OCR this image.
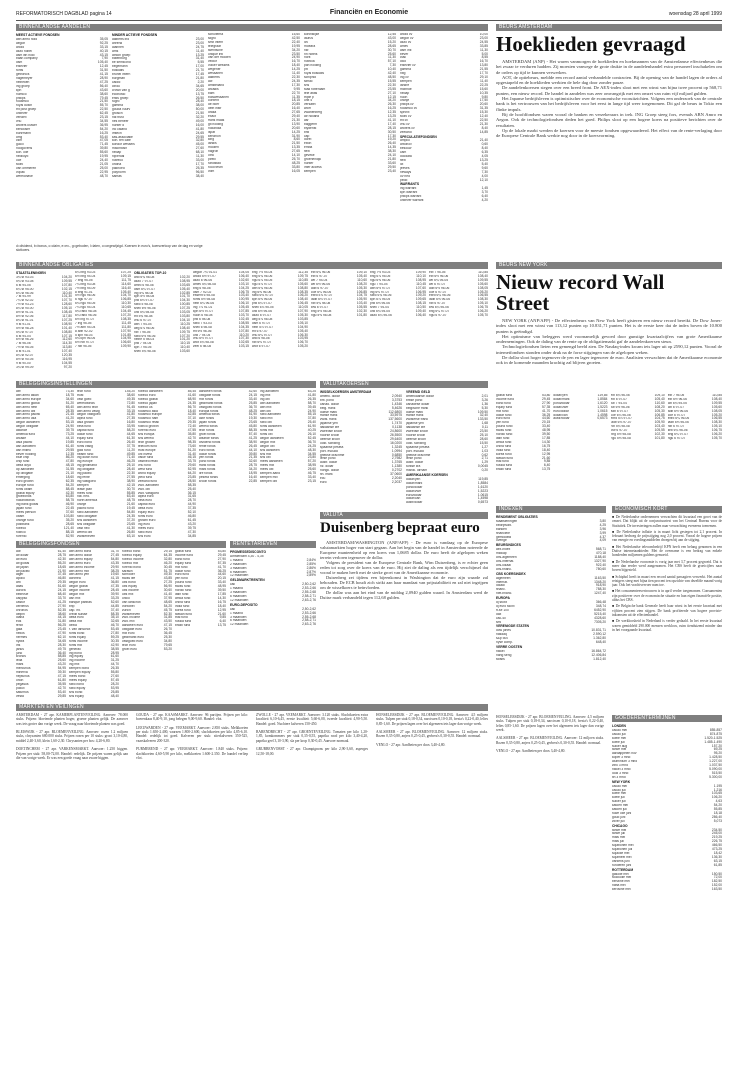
REFORMATORISCH DAGBLAD pagina 14	Financiën en Economie	woensdag 28 april 1999
BINNENLANDSE AANDELEN
MEEST ACTIEVE FONDSEN
abn amro hold	35,05
aegon	92,25
ahold	33,15
akzo nobel	40,15
asm lith hold	43,15
baan company	7,90
dsm	105,40
elsevier	12,45
fortis	31,50
getronics	41,15
hagemeyer	28,90
heineken	47,25
ing groep	56,40
kpn	43,60
numico	38,60
philips	79,45
rodamco	21,50
royal dutch	55,70
tnt post groep	22,50
unilever	62,45
vendex	23,15
vnu	34,55
wolters kluwer	36,95
benckiser	54,20
buhrmann	16,25
cmg	53,40
csm	47,05
gucci	71,45
hoogovens	39,80
kon. olie	55,60
nedlloyd	19,95
oce	24,40
stork	21,05
van ommeren	25,00
vopak	22,95
wereldhave	48,70
MINDER ACTIEVE FONDSEN
aalberts ind	23,00
ahrend	23,00
alanheri	24,75
ams	11,40
athlon groep	13,25
batenburg	31,40
be semicond	5,55
begemann	17,00
boskalis	21,70
brunel intern	17,45
burgman	21,80
caldic	2,20
cindu	34,65
crown van g	20,00
econosto	13,75
eriks groep	26,50
fugro	28,40
gamma	38,00
gouda vuurv	50,00
grolsch	21,50
hal trust	32,20
hes beheer	49,00
hunter d	16,00
ihc caland	41,80
imtech	24,65
kas-associatie	29,55
kon. ten cate	32,80
kondor wessels	45,00
macintosh	27,60
nedap	68,10
nijverdal	11,30
nutreco	33,00
ordina	17,70
pakhoed	25,35
polynorm	96,50
samas	38,40
schuitema	15,60
sligro	42,50
smit intern	22,40
telegraaf	19,95
twentsche	34,20
unique intl	23,50
van der moolen	24,90
vedior	16,70
volker wessels	18,40
wegener	14,25
wessanen	11,40
aalberts	22,30
acf	24,35
amstelland	17,30
arcadis	9,95
bam	22,70
bolswessanen	11,35
content	18,15
de boer	20,85
delft instr	16,40
draka	27,65
exact	29,40
frans maas	21,30
gti holding	13,90
hollandia	20,60
ispat	14,25
kendrion	31,90
king	8,60
landis	21,50
moolen	13,35
nagron	27,65
otra	14,10
pirelli	25,70
randstad	48,25
rood testh	33,80
vdm	16,05
koninklijke	12,55
laurus	43,00
lcv	15,20
moeara	28,65
nkf	30,70
nh hotels	25,60
norit	11,30
nutricia	57,10
pan holding	7,30
ptt	10,40
royal boskalis	42,40
schiphol	48,50
simac	15,55
sns	22,30
stad rotterdam	23,55
tele atlas	27,10
triple p	12,15
unit 4	34,20
versatel	26,30
wolff	16,25
zwanenberg	12,35
air holland	13,25
asr	41,10
baggerm	17,40
blydenst	28,15
brill	30,50
cap	17,30
dorel	19,20
ebon	26,40
emba	14,35
flexi	38,30
geveke	24,10
groenendijk	21,80
hunter	33,60
inter access	29,50
kempen	23,40
ahold cv	10,00
aegon cv	23,00
akzo cv	24,55
amev	33,85
asm intl	11,30
bever	5,00
ctac	8,55
dico	16,70
elsevier cv	13,80
gamma	21,55
hbg	17,70
ing cv	29,10
kempen	11,40
landre	22,25
mcbride	15,60
nedap	10,35
nuon	9,80
oranje	17,50
philips cv	20,60
rodamco cv	31,35
sphinx	15,30
stork cv	12,40
tnt cv	22,50
vnu cv	21,30
wolters cv	8,40
zeeland	14,85
SPECULATIEFONDSEN
ampco	21,40
antonov	0,60
besouw	8,40
cam	6,35
docdata	4,05
flexi	13,25
ict	5,40
jeeves	9,60
neways	7,30
ov ned	4,00
pedd	12,10
WARRANTS
ing warrant	1,45
kpn warrant	3,70
philips warrant	6,40
unilever warrant	4,20
d=dividend, b=bonus, c=claim, e=ex-, g=geboden, l=laten, o=ongewijzigd. Koersen in euro's, koersverloop van de dag en vorige slotkoers.
BINNENLANDSE OBLIGATIES
STAATSLENINGEN
3¾ st 93-03	104,20
5¾ st 93-08	109,55
6 st 94-05	107,80
6¼ st 95-00	102,15
6¼ st 96-06	110,40
7 st 94-99	101,30
7¼ st 92-02	107,70
7½ st 93-23	128,60
8¼ st 90-00	105,10
8½ st 91-01	108,45
8½ st 92-06	117,80
8¾ st 91-01	107,25
9 st 91-01	108,90
5½ st 98-28	101,40
5¾ st 97-07	108,80
6 st 94-04	107,15
6½ st 96-26	112,60
7 st 96-06	114,30
7½ st 95-05	113,80
8 st 91-01	107,40
8¼ st 92-07	120,35
8½ st 90-05	116,95
9 st 90-00	104,55
3¾ st 99-09	97,20
6¼ bng 93-03	107,25
6½ bng 94-04	109,15
7 bng 95-05	111,75
7¼ bng 93-08	114,60
7½ bng 94-09	116,40
8 bng 91-01	105,40
5½ ngu 96-06	104,70
6 ngu 97-07	106,85
6¾ ngu 95-05	110,30
7¼ ngu 94-04	110,65
5¾ rabo 98-08	104,45
6¼ rabo 96-06	107,20
6½ ing 97-07	108,35
7 ing 95-05	111,45
7½ abn 94-04	111,80
8 abn 92-02	107,90
5 kpn 98-03	101,85
5¾ kpn 96-06	104,95
6½ nib 97-07	106,60
7 nib 95-05	109,90
OBLIGATIES TOP-10
ahd 6¾ 98-08	102,20
akzo 7 97-07	108,95
amro 6 98-08	103,65
dsm 6¼ 97-07	105,40
ing 5¾ 98-08	102,85
kpn 5½ 98-08	101,70
phil 6⅛ 97-07	104,30
rabo 5 98-08	100,85
shell 6½ 96-06	107,25
unil 5¾ 98-08	103,05
tnt 5¾ 98-08	103,80
vnu 6 97-07	104,10
abn 7 94-04	110,25
aeg 6⅞ 96-06	108,40
nib 7 95-05	109,75
rabo 6½ 96-06	107,20
heine 5 98-03	101,20
phil 7 94-04	110,15
kpn 7 95-05	110,40
shell 5¾ 98-08	103,60
aegon 7¾ 91-01	104,05
ahold 6½ 97-07	106,40
akzo 6 96-06	102,60
amev 5¾ 98-08	103,10
bng 6 98-08	104,25
dsm 7 92-02	106,75
essent 6 98-08	103,40
fortis 5½ 98-08	100,95
hein 6¼ 96-06	106,10
ing 7⅞ 91-01	105,45
kpn 6½ 97-07	107,85
nuon 6 98-08	103,70
phil 6 98-08	102,45
rabo 7 93-03	108,55
shell 6 98-08	104,35
tnt 6½ 96-06	107,80
unil 7 94-04	110,20
vnu 6½ 97-07	107,30
wolt 5¾ 98-08	102,65
zeel 6 98-08	103,15
bng 7½ 94-04	112,35
bng 6¾ 96-06	109,75
ngu 6⅞ 95-05	110,85
ngu 5⅞ 97-07	105,60
abn 6¾ 96-06	108,80
ing 6⅝ 96-06	108,35
rabo 6⅛ 97-07	106,20
kpn 6⅝ 96-06	108,40
phil 6¼ 97-07	106,45
shell 6⅞ 95-05	110,05
unil 6½ 96-06	107,90
akzo 6 97-07	105,30
aeg 5⅞ 98-08	103,85
dsm 6 97-07	105,10
hein 5⅞ 97-07	104,90
tnt 6 97-07	105,40
vnu 6¼ 97-07	106,30
ahd 6 98-08	103,95
nib 6⅜ 97-07	106,70
wolt 6 97-07	105,20
eib 6¾ 96-06	109,10
eib 6 97-07	105,40
wb 7 94-04	110,60
wb 6½ 96-06	108,20
adb 6 97-07	105,30
coe 6¼ 96-06	106,85
ebrd 5⅞ 97-07	104,75
iadb 6⅛ 97-07	105,90
nib 5¾ 98-08	103,40
kfw 6 97-07	105,55
bng 5½ 98-08	102,30
ngu 5⅜ 98-08	101,80
bng 7½ 93-03	109,90
bng 6⅞ 95-05	110,10
ngu 6⅝ 96-06	108,95
ngu 7 94-04	110,45
abn 6½ 97-07	107,60
ing 6⅜ 97-07	106,95
rabo 6¾ 96-06	109,20
kpn 6⅞ 95-05	109,65
phil 6⅝ 96-06	108,15
shell 7 94-04	110,50
unil 6¾ 95-05	109,40
akzo 6¼ 96-06	106,40
eib 7 95-05	110,85
eib 6½ 96-06	108,40
wb 6¾ 95-05	109,55
wb 6 97-07	105,60
adb 6½ 96-06	108,05
coe 6 97-07	105,20
ebrd 6¼ 96-06	106,55
iadb 6⅝ 96-06	108,30
nib 6 97-07	105,10
kfw 6¼ 96-06	106,75
bng 6¼ 97-07	106,20
ngu 6 97-07	105,70
BELEGGINGSINSTELLINGEN
abf	73,30
abn amro asian	18,75
abn amro europe	34,60
abn amro global	51,20
abn amro neth	65,40
abn amro obl	28,35
abn amro pacific	21,45
abn amro usa	41,20
aegon aandelen	53,15
aegon obligatie	24,90
alliance	39,75
amerika fund	73,25
arcade	44,10
asia pacific	19,85
asn aandelen	61,40
asn milieu	29,55
bever holding	12,35
blue chip	86,20
chip fund	47,80
delta lloyd	48,15
dp aandelen	31,55
dp obligatie	21,10
emerging	18,60
euro growth	62,35
europe fund	54,20
fortis obam	88,45
global equity	42,30
groeifonds	63,80
hollandfonds	58,75
ing bank global	46,90
japan fund	22,45
mees pierson	37,60
obam	103,80
orange fund	35,20
postbank	28,65
robeco	121,40
rolinco	88,15
rorento	52,90
tech fund	145,20
trust	38,60
vast goed	49,35
wereldfonds	72,80
abn amro tech	91,45
abn amro vastg	33,15
aegon vastgoed	41,80
alpha fund	27,35
asia growth	16,80
beta fund	33,95
capital fund	58,20
dollar fund	44,65
equity fund	61,30
euro bond	26,40
fortis vastg	37,75
gold fund	11,20
health fund	49,85
ing dutch fund	71,40
ing europe	46,25
ing geldmarkt	25,10
ing obligatie	28,40
ing pacific	22,30
ing rente	27,55
ing vastgoed	38,90
kempen	42,15
lease plan	30,70
mees fund	55,85
nat. ned.	63,40
north america	48,75
oranje	21,60
pacific fund	19,45
rabo aandelen	54,80
rabo obligatie	24,35
sns aandelen	37,20
sns obligatie	23,65
vast ned	41,30
wereld obl	26,80
zwitserleven	63,10
robeco aandelen	85,45
robeco euro	41,60
robeco global	68,90
robeco japan	24,35
robeco us	56,70
rodamco asia	18,40
rodamco europe	42,85
rodamco nam	37,10
rodamco retail	29,35
rolinco growth	72,40
rorento euro	47,55
sns europa	35,80
sns wereld	42,70
tech growth	98,35
telecom fund	73,60
trust europe	51,20
uni invest	31,40
value fund	46,15
vastned retail	33,75
vnu fund	29,60
west fund	52,95
world equity	64,20
yield fund	23,85
zeeland fund	28,50
zwit. aandelen	58,35
zwit. obl	25,40
zwit. vastgoed	36,15
alpha euro	31,65
beta euro	28,70
capital euro	44,90
delta euro	37,35
equity euro	52,10
fortis euro	46,80
growth euro	61,45
ing euro	43,20
mees euro	39,75
rabo euro	47,30
sns euro	34,85
aandelen fonds	42,60
obligatie fonds	24,15
mix fonds	33,40
geldmarkt fonds	25,85
vastgoed fonds	36,70
europa fonds	48,25
amerika fonds	51,90
azie fonds	19,30
japan fonds	23,65
wereld fonds	45,80
tech fonds	88,35
groei fonds	57,40
waarde fonds	41,25
dividend fonds	38,90
rente fonds	26,45
euro fonds	44,10
dollar fonds	39,80
yen fonds	21,35
pond fonds	32,60
frank fonds	28,75
mark fonds	34,20
lire fonds	18,95
peseta fonds	16,40
kroon fonds	22,85
ing aandelen	63,25
ing mix	41,80
ing obl	26,35
abn aandelen	58,70
abn mix	39,45
abn obl	24,90
rabo aandelen	55,15
rabo mix	37,80
rabo obl	25,40
fortis aandelen	61,90
fortis mix	40,25
fortis obl	26,10
aegon aandelen	52,45
aegon mix	36,70
aegon obl	24,25
sns aandelen	48,30
sns mix	34,55
sns obl	23,80
mees aandelen	57,20
mees mix	38,95
mees obl	25,60
kempen aand	46,75
kempen mix	33,40
kempen obl	23,15
VALUTAKOERSEN
WISSELKOERSEN AMSTERDAM
amerik. dollar	2,0940
brit. pond	3,3753
canad. dollar	1,4346
belg. frank	5,4626
duitse mark	112,6800
franse frank	33,5975
zwits. frank	137,5600
japanse yen	1,7470
italiaanse lire	0,1138
zweedse kroon	24,8600
noorse kroon	26,5500
deense kroon	29,6400
oost. schilling	16,0200
spaanse peseta	1,3245
port. escudo	1,0994
griekse drachme	0,6850
ierse pond	2,7982
austr. dollar	1,3765
nz. dollar	1,1380
hongk. dollar	0,2702
fin. mark	37,0600
ecu	2,2040
euro	2,2037
VREEMD GELD
amerikaanse dollar	2,01
britse pond	3,26
canadese dollar	1,36
belgische frank	5,30
duitse mark	109,50
franse frank	32,40
zwitserse frank	133,50
japanse yen	1,68
italiaanse lire	0,11
zweedse kroon	23,50
noorse kroon	25,10
deense kroon	28,60
oost. schilling	15,50
spaanse peseta	1,27
port. escudo	1,03
griekse drachme	0,62
ierse pond	2,71
austr. dollar	1,29
turkse lira	0,0045
marok. dirham	0,20
AMERIKAANSE KOERSEN
dollar/yen	119,85
dollar/mark	1,8584
pond/dollar	1,6120
dollar/zwfr	1,5223
euro/dollar	1,0615
dollar/can	1,4598
austr/dollar	0,6573
VALUTA
Duisenberg bepraat euro

AMSTERDAM/WASHINGTON (ANP/AFP) - De euro is vandaag op de Europese valutamarkten hoger van start gegaan. Aan het begin van de handel in Amsterdam noteerde de Europese munteenheid op een koers van 1,0685 dollar. De euro heeft de afgelopen weken terrein verloren tegenover de dollar.

Volgens de president van de Europese Centrale Bank, Wim Duisenberg, is er echter geen reden tot zorg over de koers van de euro. Hij ziet de daling als een tijdelijk verschijnsel dat vooral te maken heeft met de sterke groei van de Amerikaanse economie.

Duisenberg zei tijdens een bijeenkomst in Washington dat de euro zijn waarde zal behouden. De ECB houdt zich strikt aan haar mandaat van prijsstabiliteit en zal niet ingrijpen om de wisselkoers te beïnvloeden.

De dollar was aan het eind van de middag 2,0940 gulden waard. In Amsterdam werd de Duitse mark verhandeld tegen 112,68 gulden.

BELEGGINGSFONDSEN
adf	61,40
aif dollar	28,75
aif euro	42,30
aif global	55,20
aif japan	18,65
aif pacific	21,90
alger	37,45
apollo	46,80
arti	29,35
atlas	51,60
aurora	24,15
bellevue	68,40
calypso	33,70
castor	41,25
cerberus	27,90
chronos	52,35
delphi	38,60
diana	44,15
eos	31,80
fenix	56,25
gaia	23,45
helios	47,90
hermes	62,10
hydra	34,65
iris	28,30
janus	49,75
juno	36,40
kronos	58,85
leda	25,60
mars	43,20
mercurius	54,95
minerva	39,30
neptunus	47,15
orion	61,80
pegasus	35,55
pollux	42,70
saturnus	53,40
vesta	29,85
abn amro bond	31,70
abn amro dollar	27,45
abn amro equity	54,80
abn amro euro	43,35
abn amro income	29,90
abn amro mix	38,25
abn amro yen	19,60
achmea	41,15
aegon euro	36,80
aegon global	47,35
aegon income	28,45
aegon mix	39,90
asn mix	33,25
banque paribas	52,60
bnp	44,85
cap. int.	37,40
credit suisse	58,35
delta euro	35,10
delta mix	32,65
dexia	46,70
f. van lanschot	53,45
fortis bond	27,80
fortis equity	59,25
fortis income	30,35
fortis mix	42,90
generali	38,55
ing bond	28,95
ing equity	61,60
ing income	31,25
ing mix	44,70
kempen bond	26,35
kempen equity	55,80
mees bond	27,60
mees equity	57,45
rabo bond	28,20
rabo equity	53,95
sns bond	25,85
sns equity	48,40
robeco bond	29,15
robeco equity	64,35
robeco income	32,80
robeco mix	46,20
rorento bond	30,45
sarasin	51,75
schroder	49,30
swiss life	43,85
ubs bond	27,25
ubs equity	56,90
ubs income	30,60
ubs mix	41,40
unico	37,95
van lanschot	48,65
vontobel	54,20
zurich	45,75
zwitserleven	52,30
zwit. income	31,85
zwit. mix	43,50
aandelen euro	47,15
obligatie euro	26,70
mix euro	36,45
geldmarkt euro	25,30
vastgoed euro	34,80
tech euro	79,65
groei euro	53,20
global fund	53,80
income fund	29,45
bond fund	27,90
equity fund	57,35
mix fund	41,70
dollar fund	36,25
euro fund	44,60
yen fund	20,15
pound fund	33,40
swiss fund	48,95
nordic fund	39,50
latin fund	17,85
africa fund	14,30
china fund	16,75
india fund	18,40
korea fund	12,95
taiwan fund	21,60
thai fund	9,85
russia fund	6,40
brazil fund	13,75
RENTETARIEVEN
PROMESSEDISCONTO
Amsterdam 4,30 - 4,35
1 maand	2,84%
2 maanden	2,85%
3 maanden	2,86%
6 maanden	2,87%
12 maanden	2,89%
GELDMARKTRENTEN
call	2,50-2,62
1 maand	2,53-2,66
3 maanden	2,55-2,68
6 maanden	2,58-2,71
12 maanden	2,63-2,76
EURO-DEPOSITO
call	2,50-2,62
1 maand	2,53-2,66
3 maanden	2,55-2,68
6 maanden	2,58-2,71
12 maanden	2,63-2,76
MARKTEN EN VEILINGEN

AMSTERDAM - 27 apr. KAMERPLANTENVEILING. Aanvoer: 78.000 stuks. Prijzen: bloeiende planten hoger, groene planten gelijk. De aanvoer was iets groter dan vorige week. De vraag naar bloeiende planten was goed.

BLEISWIJK - 27 apr. BLOEMENVEILING. Aanvoer: rozen 1.2 miljoen stuks, chrysanten 680.000 stuks. Prijzen rozen per 10 stuks: groot 3,10-4,80, middel 2,40-3,60, klein 1,60-2,30. Chrysanten per bos: 4,20-6,80.

DOETINCHEM - 27 apr. VARKENSMARKT. Aanvoer: 1.250 biggen. Prijzen per stuk: 58,00-72,00. Handel: redelijk. De prijzen waren gelijk aan die van vorige week. Er was een goede vraag naar zware biggen.

GOUDA - 27 apr. KAASMARKT. Aanvoer: 96 partijen. Prijzen per kilo: boerenkaas 8,40-9,10, jong belegen 9,00-9,60. Handel: vlot.

LEEUWARDEN - 27 apr. VEEMARKT. Aanvoer: 2.850 stuks. Melkkoeien per stuk: 1.650-2.400, vaarzen 1.800-2.600, slachtkoeien per kilo 4,85-6,10. Handel: redelijk tot goed. Kalveren per stuk: stierkalveren 350-525, vaarskalveren 200-320.

PURMEREND - 27 apr. VEEMARKT. Aanvoer: 1.840 stuks. Prijzen: slachtkoeien 4,60-5,90 per kilo, melkkoeien 1.600-2.350. De handel verliep vlot.

ZWOLLE - 27 apr. VEEMARKT. Aanvoer: 3.120 stuks. Slachtkoeien extra kwaliteit 6,10-6,45, eerste kwaliteit 5,60-6,00, tweede kwaliteit 4,90-5,50. Handel: goed. Nuchtere kalveren 150-450.

BARENDRECHT - 27 apr. GROENTEVEILING. Tomaten per kilo 1,20-1,85, komkommers per stuk 0,35-0,55, paprika rood per kilo 3,40-4,20, paprika geel 3,10-3,90, sla per krop 0,30-0,45. Aanvoer normaal.

GRUBBENVORST - 27 apr. Champignons per kilo 2,90-3,60, asperges 12,50-18,00.

HONSELERSDIJK - 27 apr. BLOEMENVEILING. Aanvoer: 4,5 miljoen stuks. Tulpen per stuk 0,18-0,34, narcissen 0,10-0,18, fresia's 0,22-0,40, lelies 0,85-1,60. De prijzen lagen over het algemeen iets lager dan vorige week.

AALSMEER - 27 apr. BLOEMENVEILING. Aanvoer: 12 miljoen stuks. Rozen 0,35-0,80, anjers 0,25-0,45, gerbera's 0,30-0,55. Handel: normaal.

VENLO - 27 apr. Aardbeien per doos 3,40-4,80.

BEURS AMSTERDAM
Hoeklieden gevraagd

AMSTERDAM (ANP) - Het waren vanmorgen de hoeklieden en hoekmannen van de Amsterdamse effectenbeurs die het zwaar te verduren hadden. Zij moesten vanwege de grote drukte in de aandelenhandel extra personeel inschakelen om de orders op tijd te kunnen verwerken.

AOT, de optiebeurs, meldde een record aantal verhandelde contracten. Bij de opening van de handel lagen de orders al opgestapeld en de hoeklieden werkten de hele dag door zonder pauze.

De aandelenkoersen stegen over een breed front. De AEX-index sloot met een winst van bijna twee procent op 568,71 punten, een nieuw record. De handel in aandelen was zeer omvangrijk met een omzet van ruim vijf miljard gulden.

Het Japanse bedrijfsleven is optimistischer over de economische vooruitzichten. Volgens een onderzoek van de centrale bank is het vertrouwen van het bedrijfsleven voor het eerst in lange tijd weer toegenomen. Dit gaf de beurs in Tokio een flinke impuls.

Bij de hoofdfondsen waren vooral de banken en verzekeraars in trek. ING Groep steeg fors, evenals ABN Amro en Aegon. Ook de technologiefondsen deden het goed. Philips sloot op een hogere koers na positieve berichten over de resultaten.

Op de lokale markt werden de koersen voor de meeste fondsen opgewaardeerd. Het effect van de rente-verlaging door de Europese Centrale Bank werkte nog door in de koersvorming.

BEURS NEW YORK
Nieuw record Wall Street

NEW YORK (ANP/AFP) - De effectenbeurs van New York heeft gisteren een nieuw record bereikt. De Dow Jones-index sloot met een winst van 113,12 punten op 10.831,71 punten. Het is de eerste keer dat de index boven de 10.800 punten is geëindigd.

Het optimisme van beleggers werd voornamelijk gevoed door gunstige kwartaalcijfers van grote Amerikaanse ondernemingen. Ook de daling van de rente op de obligatiemarkt gaf de aandelenkoersen steun.

Technologiefondsen lieten een gemengd beeld zien. De Nasdaq-index kwam iets lager uit op 2590,12 punten. Vooral de internetfondsen stonden onder druk na de forse stijgingen van de afgelopen weken.

De dollar sloot hoger tegenover de yen en lager tegenover de euro. Analisten verwachten dat de Amerikaanse economie ook in de komende maanden krachtig zal blijven groeien.

global fund	53,80
income fund	29,45
bond fund	27,90
equity fund	57,35
mix fund	41,70
dollar fund	36,25
euro fund	44,60
yen fund	20,15
pound fund	33,40
swiss fund	48,95
nordic fund	39,50
latin fund	17,85
africa fund	14,30
china fund	16,75
india fund	18,40
korea fund	12,95
taiwan fund	21,60
thai fund	9,85
russia fund	6,40
brazil fund	13,75
dollar/yen	119,85
dollar/mark	1,8584
pond/dollar	1,6120
dollar/zwfr	1,5223
euro/dollar	1,0615
dollar/can	1,4598
austr/dollar	0,6573
eib 6¾ 96-06	109,10
eib 6 97-07	105,40
wb 7 94-04	110,60
wb 6½ 96-06	108,20
adb 6 97-07	105,30
coe 6¼ 96-06	106,85
ebrd 5⅞ 97-07	104,75
iadb 6⅛ 97-07	105,90
nib 5¾ 98-08	103,40
kfw 6 97-07	105,55
bng 5½ 98-08	102,30
ngu 5⅜ 98-08	101,80
eib 7 95-05	110,85
eib 6½ 96-06	108,40
wb 6¾ 95-05	109,55
wb 6 97-07	105,60
adb 6½ 96-06	108,05
coe 6 97-07	105,20
ebrd 6¼ 96-06	106,55
iadb 6⅝ 96-06	108,30
nib 6 97-07	105,10
kfw 6¼ 96-06	106,75
bng 6¼ 97-07	106,20
ngu 6 97-07	105,70
INDEXEN
RENDEMENT OBLIGATIES
staatsleningen	3,80
bedrijfsobl.	4,25
banken	3,96
financiele	3,99
gemiddeld	4,37
overige	4,09
BEURSINDICES
aex-index	568,71
midkap	470,18
cbs-algemeen	1188,40
cbs-internat.	1327,90
cbs-lokaal	922,40
cbs-financ.	780,60
CBS KOERSINDEX
algemeen	1163,50
internat.	1348,20
lokaal	918,90
financ.	788,30
niet-financ.	1247,40
EUROPA
dj stoxx	366,48
dj euro stoxx	348,74
ft-se 100	6452,90
dax	5215,40
cac-40	4328,60
smi	7305,20
VERENIGDE STATEN
dow jones	10.831,71
nasdaq	2.590,12
s&p 500	1.362,80
nyse comp.	648,40
VERRE OOSTEN
nikkei	16.864,72
hang seng	12.406,84
straits	1.812,40
ECONOMISCH KORT

■ De Nederlandse ondernemers verwachten dit kwartaal een groei van de omzet. Dat blijkt uit de conjunctuurtest van het Centraal Bureau voor de Statistiek. De investeringen zullen naar verwachting eveneens toenemen.

■ De Nederlandse inflatie is in maart licht gestegen tot 2,1 procent. In februari bedroeg de prijsstijging nog 2,0 procent. Vooral de hogere prijzen van energie en voedingsmiddelen droegen bij aan de stijging.

■ Het Nederlandse telecombedrijf KPN heeft een belang genomen in een Duitse internetaanbieder. Met de overname is een bedrag van enkele honderden miljoenen guldens gemoeid.

■ De Nederlandse economie is vorig jaar met 3,7 procent gegroeid. Dat is meer dan eerder werd aangenomen. Het CBS heeft de groeicijfers naar boven bijgesteld.

■ Schiphol heeft in maart een record aantal passagiers verwerkt. Het aantal reizigers steeg met bijna tien procent ten opzichte van dezelfde maand vorig jaar. Ook het vrachtvervoer nam toe.

■ Het consumentenvertrouwen is in april verder toegenomen. Consumenten zijn positiever over de economische situatie en hun eigen financiële positie, aldus het CBS.

■ De Belgische bank Generale heeft haar winst in het eerste kwartaal met vijftien procent zien stijgen. De bank profiteerde van hogere provisie-inkomsten uit de effectenhandel.

■ De werkloosheid in Nederland is verder gedaald. In het eerste kwartaal waren gemiddeld 290.000 mensen werkloos, ruim tienduizend minder dan in het voorgaande kwartaal.

HONSELERSDIJK - 27 apr. BLOEMENVEILING. Aanvoer: 4,5 miljoen stuks. Tulpen per stuk 0,18-0,34, narcissen 0,10-0,18, fresia's 0,22-0,40, lelies 0,85-1,60. De prijzen lagen over het algemeen iets lager dan vorige week.

AALSMEER - 27 apr. BLOEMENVEILING. Aanvoer: 12 miljoen stuks. Rozen 0,35-0,80, anjers 0,25-0,45, gerbera's 0,30-0,55. Handel: normaal.

VENLO - 27 apr. Aardbeien per doos 3,40-4,80.

GOEDERENTERMIJNEN
LONDEN
cacao mei	855-857
cacao juli	874-875
koffie mei	1.520-1.525
koffie juli	1.485-1.490
suiker aug	157,20
tarwe mei	69,25
aardappelen nov	95,20
koper 3 mnd	1.428,50
aluminium 3 mnd	1.227,00
zink 3 mnd	1.037,50
nikkel 3 mnd	5.090,00
lood 3 mnd	515,50
tin 3 mnd	5.300,00
NEW YORK
cacao mei	1.195
cacao juli	1.216
koffie mei	103,65
koffie juli	106,20
suiker juli	4,63
katoen mei	54,20
katoen juli	55,85
ruwe olie juni	18,18
goud juni	286,40
zilver juli	5,073
CHICAGO
tarwe mei	234,50
tarwe juli	245,00
mais mei	219,25
mais juli	226,75
sojabonen mei	466,50
sojabonen juli	473,25
sojaolie mei	18,42
sojameel mei	136,30
varkens juni	63,15
runderen juni	61,85
ROTTERDAM
gasolie mei	150,50
stookolie mei	72,00
benzine mei	182,50
nafta mei	152,00
kerosine mei	163,50
